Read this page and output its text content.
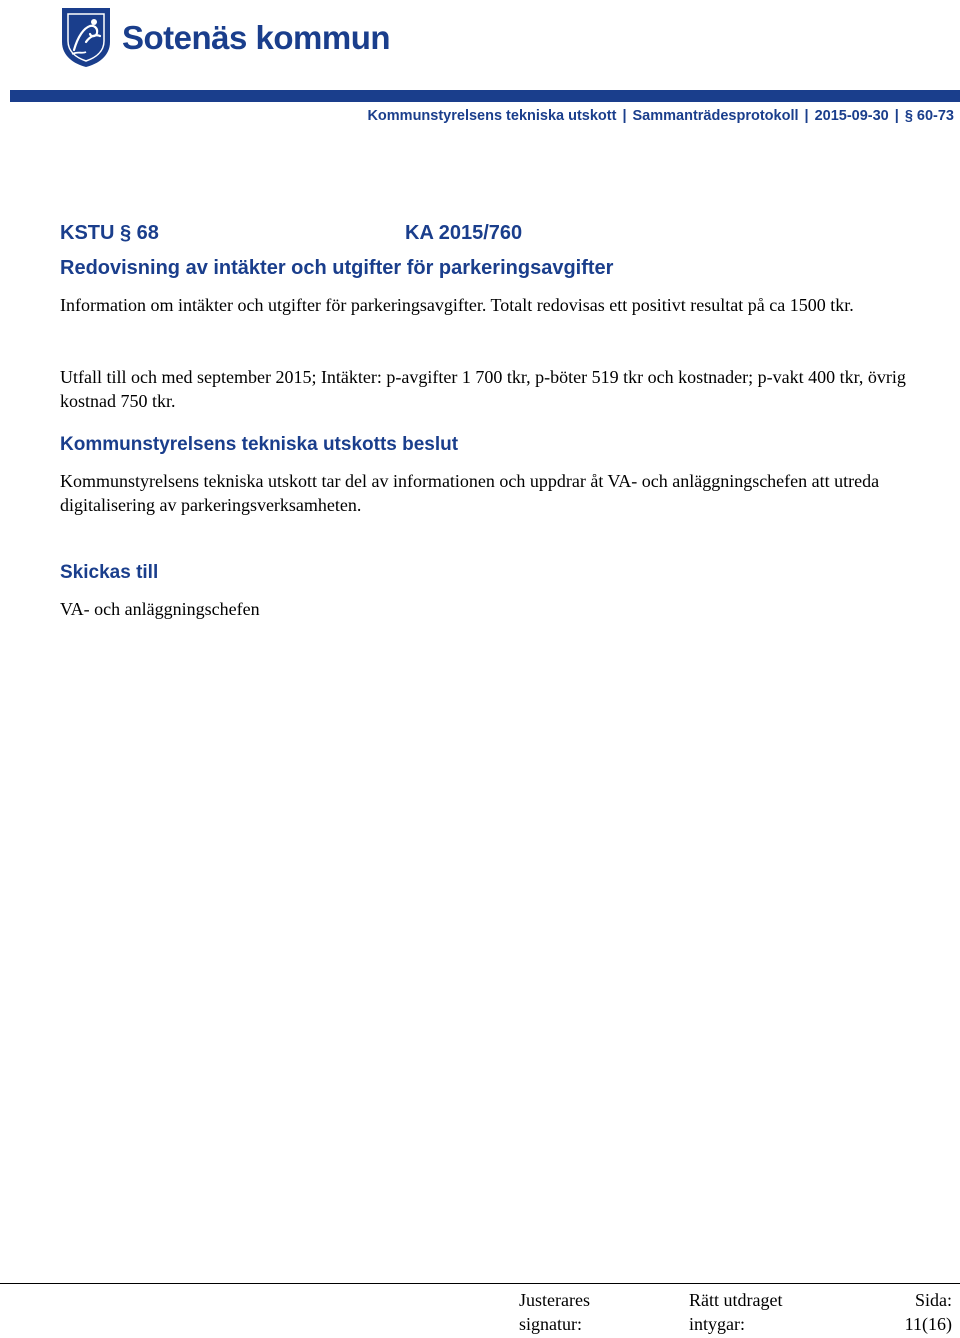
Sotenäs kommun
Kommunstyrelsens tekniska utskott | Sammanträdesprotokoll | 2015-09-30 | § 60-73
KSTU § 68	KA 2015/760
Redovisning av intäkter och utgifter för parkeringsavgifter
Information om intäkter och utgifter för parkeringsavgifter. Totalt redovisas ett positivt resultat på ca 1500 tkr.
Utfall till och med september 2015; Intäkter: p-avgifter 1 700 tkr, p-böter 519 tkr och kostnader; p-vakt 400 tkr, övrig kostnad 750 tkr.
Kommunstyrelsens tekniska utskotts beslut
Kommunstyrelsens tekniska utskott tar del av informationen och uppdrar åt VA- och anläggningschefen att utreda digitalisering av parkeringsverksamheten.
Skickas till
VA- och anläggningschefen
Justerares
signatur:
Rätt utdraget
intygar:
Sida:
11(16)
